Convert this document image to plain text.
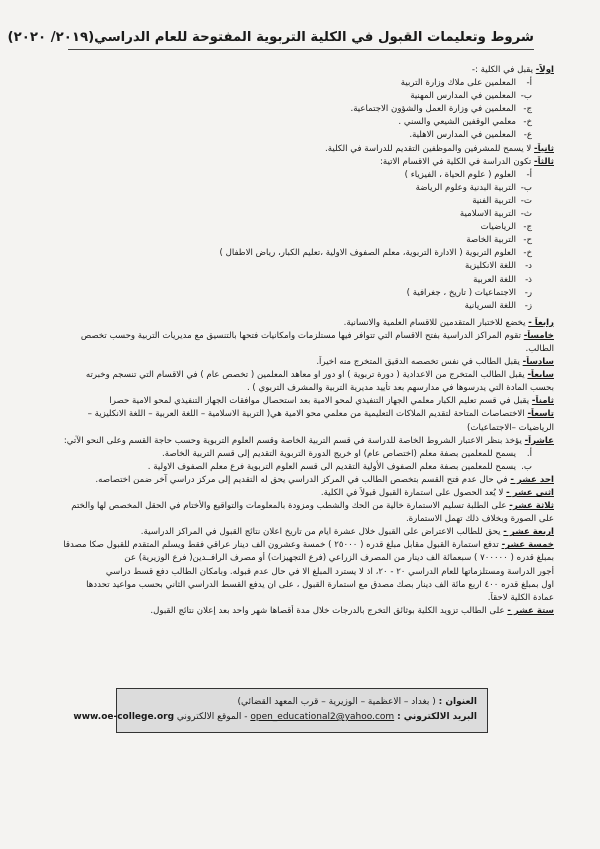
شروط وتعليمات القبول في الكلية التربوية المفتوحة للعام الدراسي(٢٠١٩/ ٢٠٢٠)
اولاً- يقبل في الكلية :-
أ-المعلمين على ملاك وزارة التربية
ب-المعلمين في المدارس المهنية
ج-المعلمين في وزارة العمل والشؤون الاجتماعية.
خ-معلمي الوقفين الشيعي والسني .
ع-المعلمين في المدارس الاهلية.
ثانياً- لا يسمح للمشرفين والموظفين التقديم للدراسة في الكلية.
ثالثاً- تكون الدراسة في الكلية في الاقسام الاتية:
أ-العلوم ( علوم الحياة ، الفيزياء )
ب-التربية البدنية وعلوم الرياضة
ت-التربية الفنية
ث-التربية الاسلامية
ج-الرياضيات
ح-التربية الخاصة
خ-العلوم التربوية ( الادارة التربوية، معلم الصفوف الاولية ،تعليم الكبار، رياض الاطفال )
د-اللغة الانكليزية
ذ-اللغة العربية
ر-الاجتماعيات ( تاريخ ، جغرافية )
ز-اللغة السريانية
رابعاً - يخضع للاختبار المتقدمين للاقسام العلمية والانسانية.
خامساً- تقوم المراكز الدراسية بفتح الاقسام التي تتوافر فيها مستلزمات وامكانيات فتحها بالتنسيق مع مديريات التربية وحسب تخصص
الطالب.
سادساً- يقبل الطالب في نفس تخصصه الدقيق المتخرج منه اخيراً.
سابعاً- يقبل الطالب المتخرج من الاعدادية ( دورة تربوية ) او دور او معاهد المعلمين ( تخصص عام ) في الاقسام التي تنسجم وخبرته
بحسب المادة التي يدرسوها في مدارسهم بعد تأييد مديرية التربية والمشرف التربوي ) .
ثامناً- يقبل في قسم تعليم الكبار معلمي الجهاز التنفيذي لمحو الامية بعد استحصال موافقات الجهاز التنفيذي لمحو الامية حصرا
تاسعاً- الاختصاصات المتاحة لتقديم الملاكات التعليمية من معلمي محو الامية هي( التربية الاسلامية – اللغة العربية – اللغة الانكليزية –
الرياضيات –الاجتماعيات)
عاشراً- يؤخذ بنظر الاعتبار الشروط الخاصة للدراسة في قسم التربية الخاصة وقسم العلوم التربوية وحسب حاجة القسم وعلى النحو الآتي:
أ.يسمح للمعلمين بصفة معلم (اختصاص عام) او خريج الدورة التربوية التقديم إلى قسم التربية الخاصة.
ب.يسمح للمعلمين بصفة معلم الصفوف الأولية التقديم الى قسم العلوم التربوية فرع معلم الصفوف الاولية .
احد عشر - في حال عدم فتح القسم بتخصص الطالب في المركز الدراسي يحق له التقديم إلى مركز دراسي آخر ضمن اختصاصه.
اثنى عشر - لا يُعد الحصول على استمارة القبول قبولاً في الكلية.
ثلاثة عشر- على الطلبة تسليم الاستمارة خالية من الحك والشطب ومزودة بالمعلومات والتواقيع والأختام في الحقل المخصص لها والختم
على الصورة وبخلاف ذلك تهمل الاستمارة.
اربعة عشر - يحق للطالب الاعتراض على القبول خلال عشرة ايام من تاريخ اعلان نتائج القبول في المراكز الدراسية.
خمسة عشر- تدفع استمارة القبول مقابل مبلغ قدره ( ٢٥٠٠٠ ) خمسة وعشرون الف دينار عراقي فقط ويسلم المتقدم للقبول صكا مصدقا
بمبلغ قدره ( ٧٠٠٠٠٠ ) سبعمائة الف دينار من المصرف الزراعي (فرع التجهيزات) أو مصرف الرافــدين( فرع الوزيرية) عن
أجور الدراسة ومستلزماتها للعام الدراسي ٢٠ - ٢٠، اذ لا يسترد المبلغ الا في حال عدم قبوله. وبامكان الطالب دفع قسط دراسي
اول بمبلغ قدره ٤٠٠ اربع مائة الف دينار بصك مصدق مع استمارة القبول ، على ان يدفع القسط الدراسي الثاني بحسب مواعيد تحددها
عمادة الكلية لاحقاً.
ستة عشر - على الطالب تزويد الكلية بوثائق التخرج بالدرجات خلال مدة أقصاها شهر واحد بعد إعلان نتائج القبول.
العنوان : ( بغداد – الاعظمية – الوزيرية – قرب المعهد القضائي)
البريد الالكتروني : open_educational2@yahoo.com - الموقع الالكتروني www.oe-college.org
